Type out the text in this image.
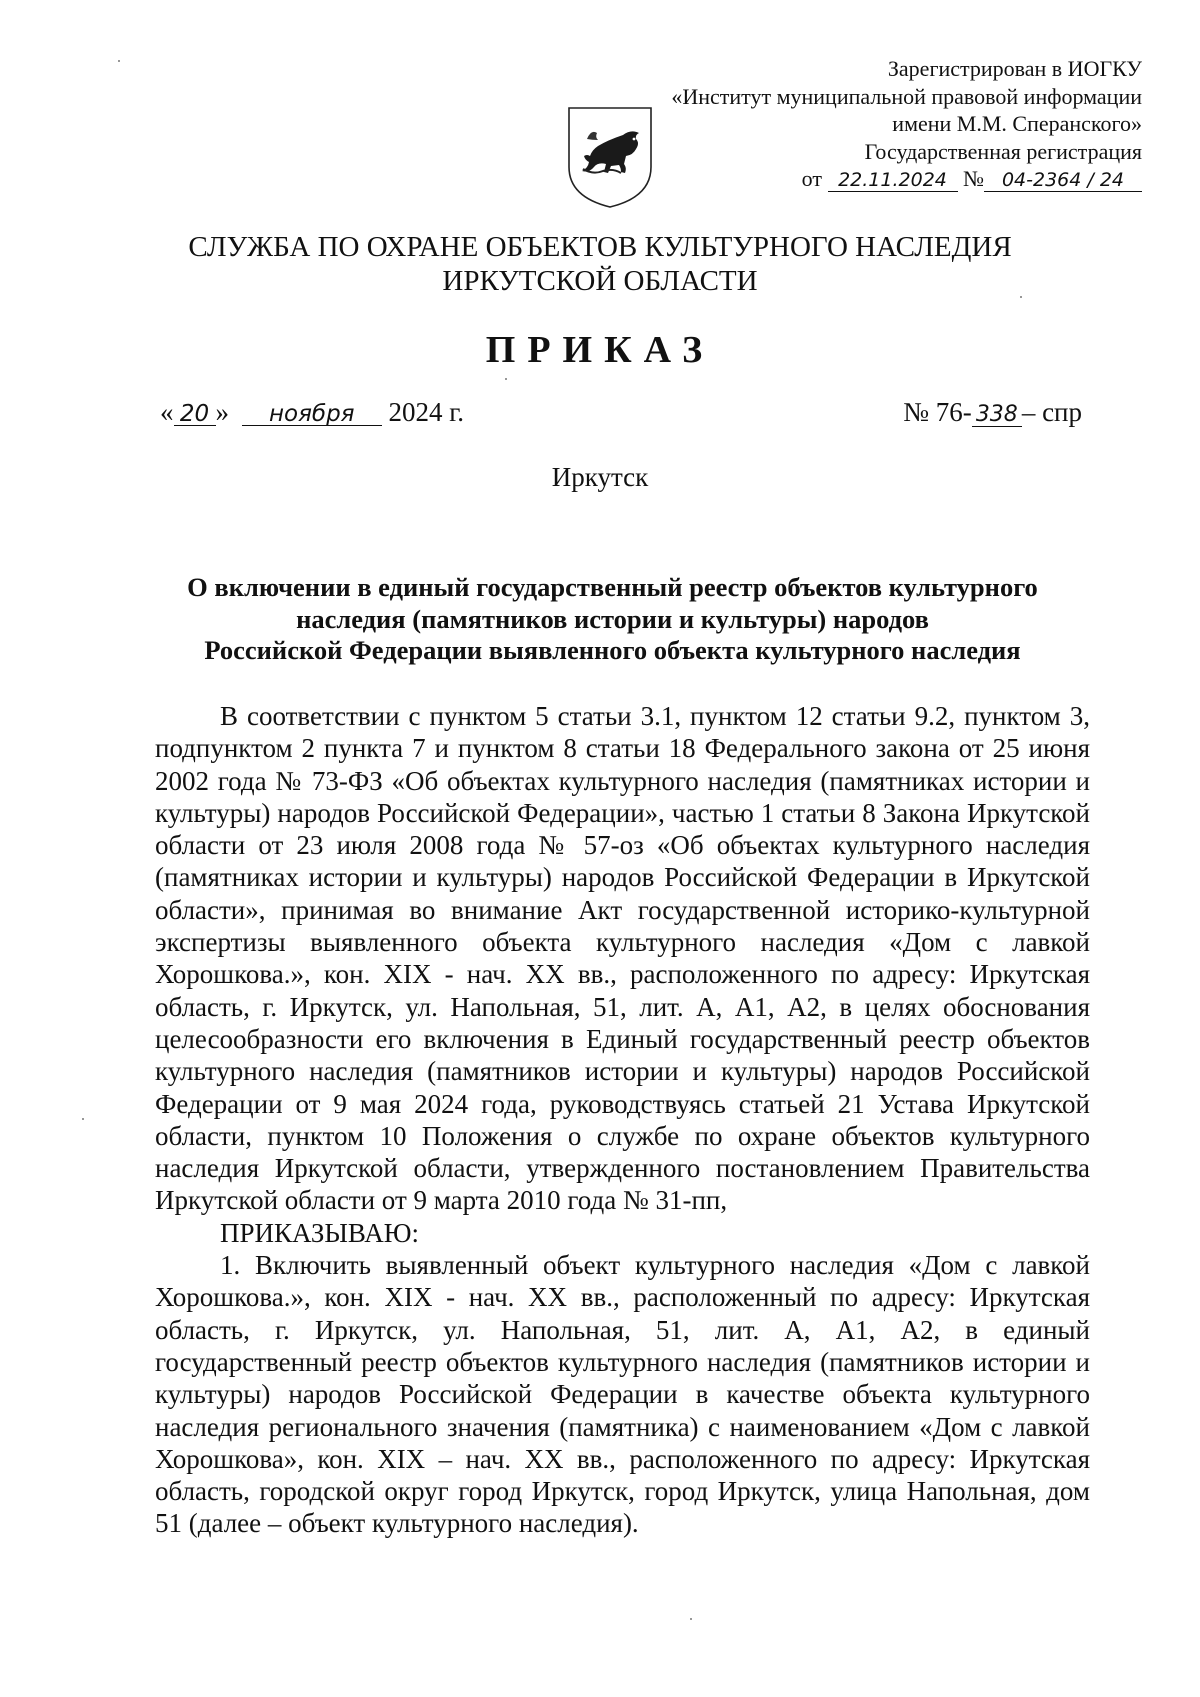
Зарегистрирован в ИОГКУ
«Институт муниципальной правовой информации
имени М.М. Сперанского»
Государственная регистрация
от 22.11.2024 № 04-2364 / 24
СЛУЖБА ПО ОХРАНЕ ОБЪЕКТОВ КУЛЬТУРНОГО НАСЛЕДИЯ
ИРКУТСКОЙ ОБЛАСТИ
ПРИКАЗ
« 20 » ноября 2024 г.	№ 76- 338 – спр
Иркутск
О включении в единый государственный реестр объектов культурного
наследия (памятников истории и культуры) народов
Российской Федерации выявленного объекта культурного наследия

В соответствии с пунктом 5 статьи 3.1, пунктом 12 статьи 9.2, пунктом 3, подпунктом 2 пункта 7 и пунктом 8 статьи 18 Федерального закона от 25 июня 2002 года № 73-ФЗ «Об объектах культурного наследия (памятниках истории и культуры) народов Российской Федерации», частью 1 статьи 8 Закона Иркутской области от 23 июля 2008 года № 57-оз «Об объектах культурного наследия (памятниках истории и культуры) народов Российской Федерации в Иркутской области», принимая во внимание Акт государственной историко-культурной экспертизы выявленного объекта культурного наследия «Дом с лавкой Хорошкова.», кон. XIX - нач. XX вв., расположенного по адресу: Иркутская область, г. Иркутск, ул. Напольная, 51, лит. А, А1, А2, в целях обоснования целесообразности его включения в Единый государственный реестр объектов культурного наследия (памятников истории и культуры) народов Российской Федерации от 9 мая 2024 года, руководствуясь статьей 21 Устава Иркутской области, пунктом 10 Положения о службе по охране объектов культурного наследия Иркутской области, утвержденного постановлением Правительства Иркутской области от 9 марта 2010 года № 31-пп,

ПРИКАЗЫВАЮ:

1. Включить выявленный объект культурного наследия «Дом с лавкой Хорошкова.», кон. XIX - нач. XX вв., расположенный по адресу: Иркутская область, г. Иркутск, ул. Напольная, 51, лит. А, А1, А2, в единый государственный реестр объектов культурного наследия (памятников истории и культуры) народов Российской Федерации в качестве объекта культурного наследия регионального значения (памятника) с наименованием «Дом с лавкой Хорошкова», кон. XIX – нач. XX вв., расположенного по адресу: Иркутская область, городской округ город Иркутск, город Иркутск, улица Напольная, дом 51 (далее – объект культурного наследия).
